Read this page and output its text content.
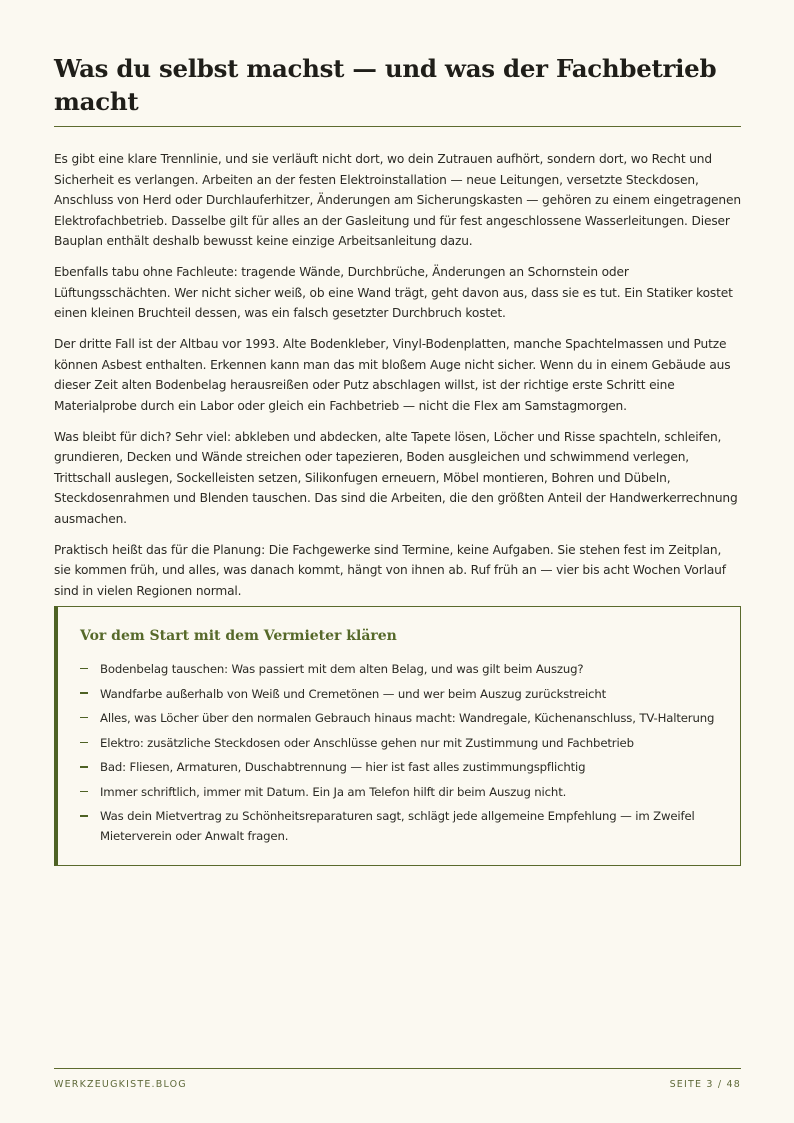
Was du selbst machst — und was der Fachbetrieb macht

Es gibt eine klare Trennlinie, und sie verläuft nicht dort, wo dein Zutrauen aufhört, sondern dort, wo Recht und Sicherheit es verlangen. Arbeiten an der festen Elektroinstallation — neue Leitungen, versetzte Steckdosen, Anschluss von Herd oder Durchlauferhitzer, Änderungen am Sicherungskasten — gehören zu einem eingetragenen Elektrofachbetrieb. Dasselbe gilt für alles an der Gasleitung und für fest angeschlossene Wasserleitungen. Dieser Bauplan enthält deshalb bewusst keine einzige Arbeitsanleitung dazu.

Ebenfalls tabu ohne Fachleute: tragende Wände, Durchbrüche, Änderungen an Schornstein oder Lüftungsschächten. Wer nicht sicher weiß, ob eine Wand trägt, geht davon aus, dass sie es tut. Ein Statiker kostet einen kleinen Bruchteil dessen, was ein falsch gesetzter Durchbruch kostet.

Der dritte Fall ist der Altbau vor 1993. Alte Bodenkleber, Vinyl-Bodenplatten, manche Spachtelmassen und Putze können Asbest enthalten. Erkennen kann man das mit bloßem Auge nicht sicher. Wenn du in einem Gebäude aus dieser Zeit alten Bodenbelag herausreißen oder Putz abschlagen willst, ist der richtige erste Schritt eine Materialprobe durch ein Labor oder gleich ein Fachbetrieb — nicht die Flex am Samstagmorgen.

Was bleibt für dich? Sehr viel: abkleben und abdecken, alte Tapete lösen, Löcher und Risse spachteln, schleifen, grundieren, Decken und Wände streichen oder tapezieren, Boden ausgleichen und schwimmend verlegen, Trittschall auslegen, Sockelleisten setzen, Silikonfugen erneuern, Möbel montieren, Bohren und Dübeln, Steckdosenrahmen und Blenden tauschen. Das sind die Arbeiten, die den größten Anteil der Handwerkerrechnung ausmachen.

Praktisch heißt das für die Planung: Die Fachgewerke sind Termine, keine Aufgaben. Sie stehen fest im Zeitplan, sie kommen früh, und alles, was danach kommt, hängt von ihnen ab. Ruf früh an — vier bis acht Wochen Vorlauf sind in vielen Regionen normal.

Vor dem Start mit dem Vermieter klären
Bodenbelag tauschen: Was passiert mit dem alten Belag, und was gilt beim Auszug?
Wandfarbe außerhalb von Weiß und Cremetönen — und wer beim Auszug zurückstreicht
Alles, was Löcher über den normalen Gebrauch hinaus macht: Wandregale, Küchenanschluss, TV-Halterung
Elektro: zusätzliche Steckdosen oder Anschlüsse gehen nur mit Zustimmung und Fachbetrieb
Bad: Fliesen, Armaturen, Duschabtrennung — hier ist fast alles zustimmungspflichtig
Immer schriftlich, immer mit Datum. Ein Ja am Telefon hilft dir beim Auszug nicht.
Was dein Mietvertrag zu Schönheitsreparaturen sagt, schlägt jede allgemeine Empfehlung — im Zweifel Mieterverein oder Anwalt fragen.
WERKZEUGKISTE.BLOG	SEITE 3 / 48
